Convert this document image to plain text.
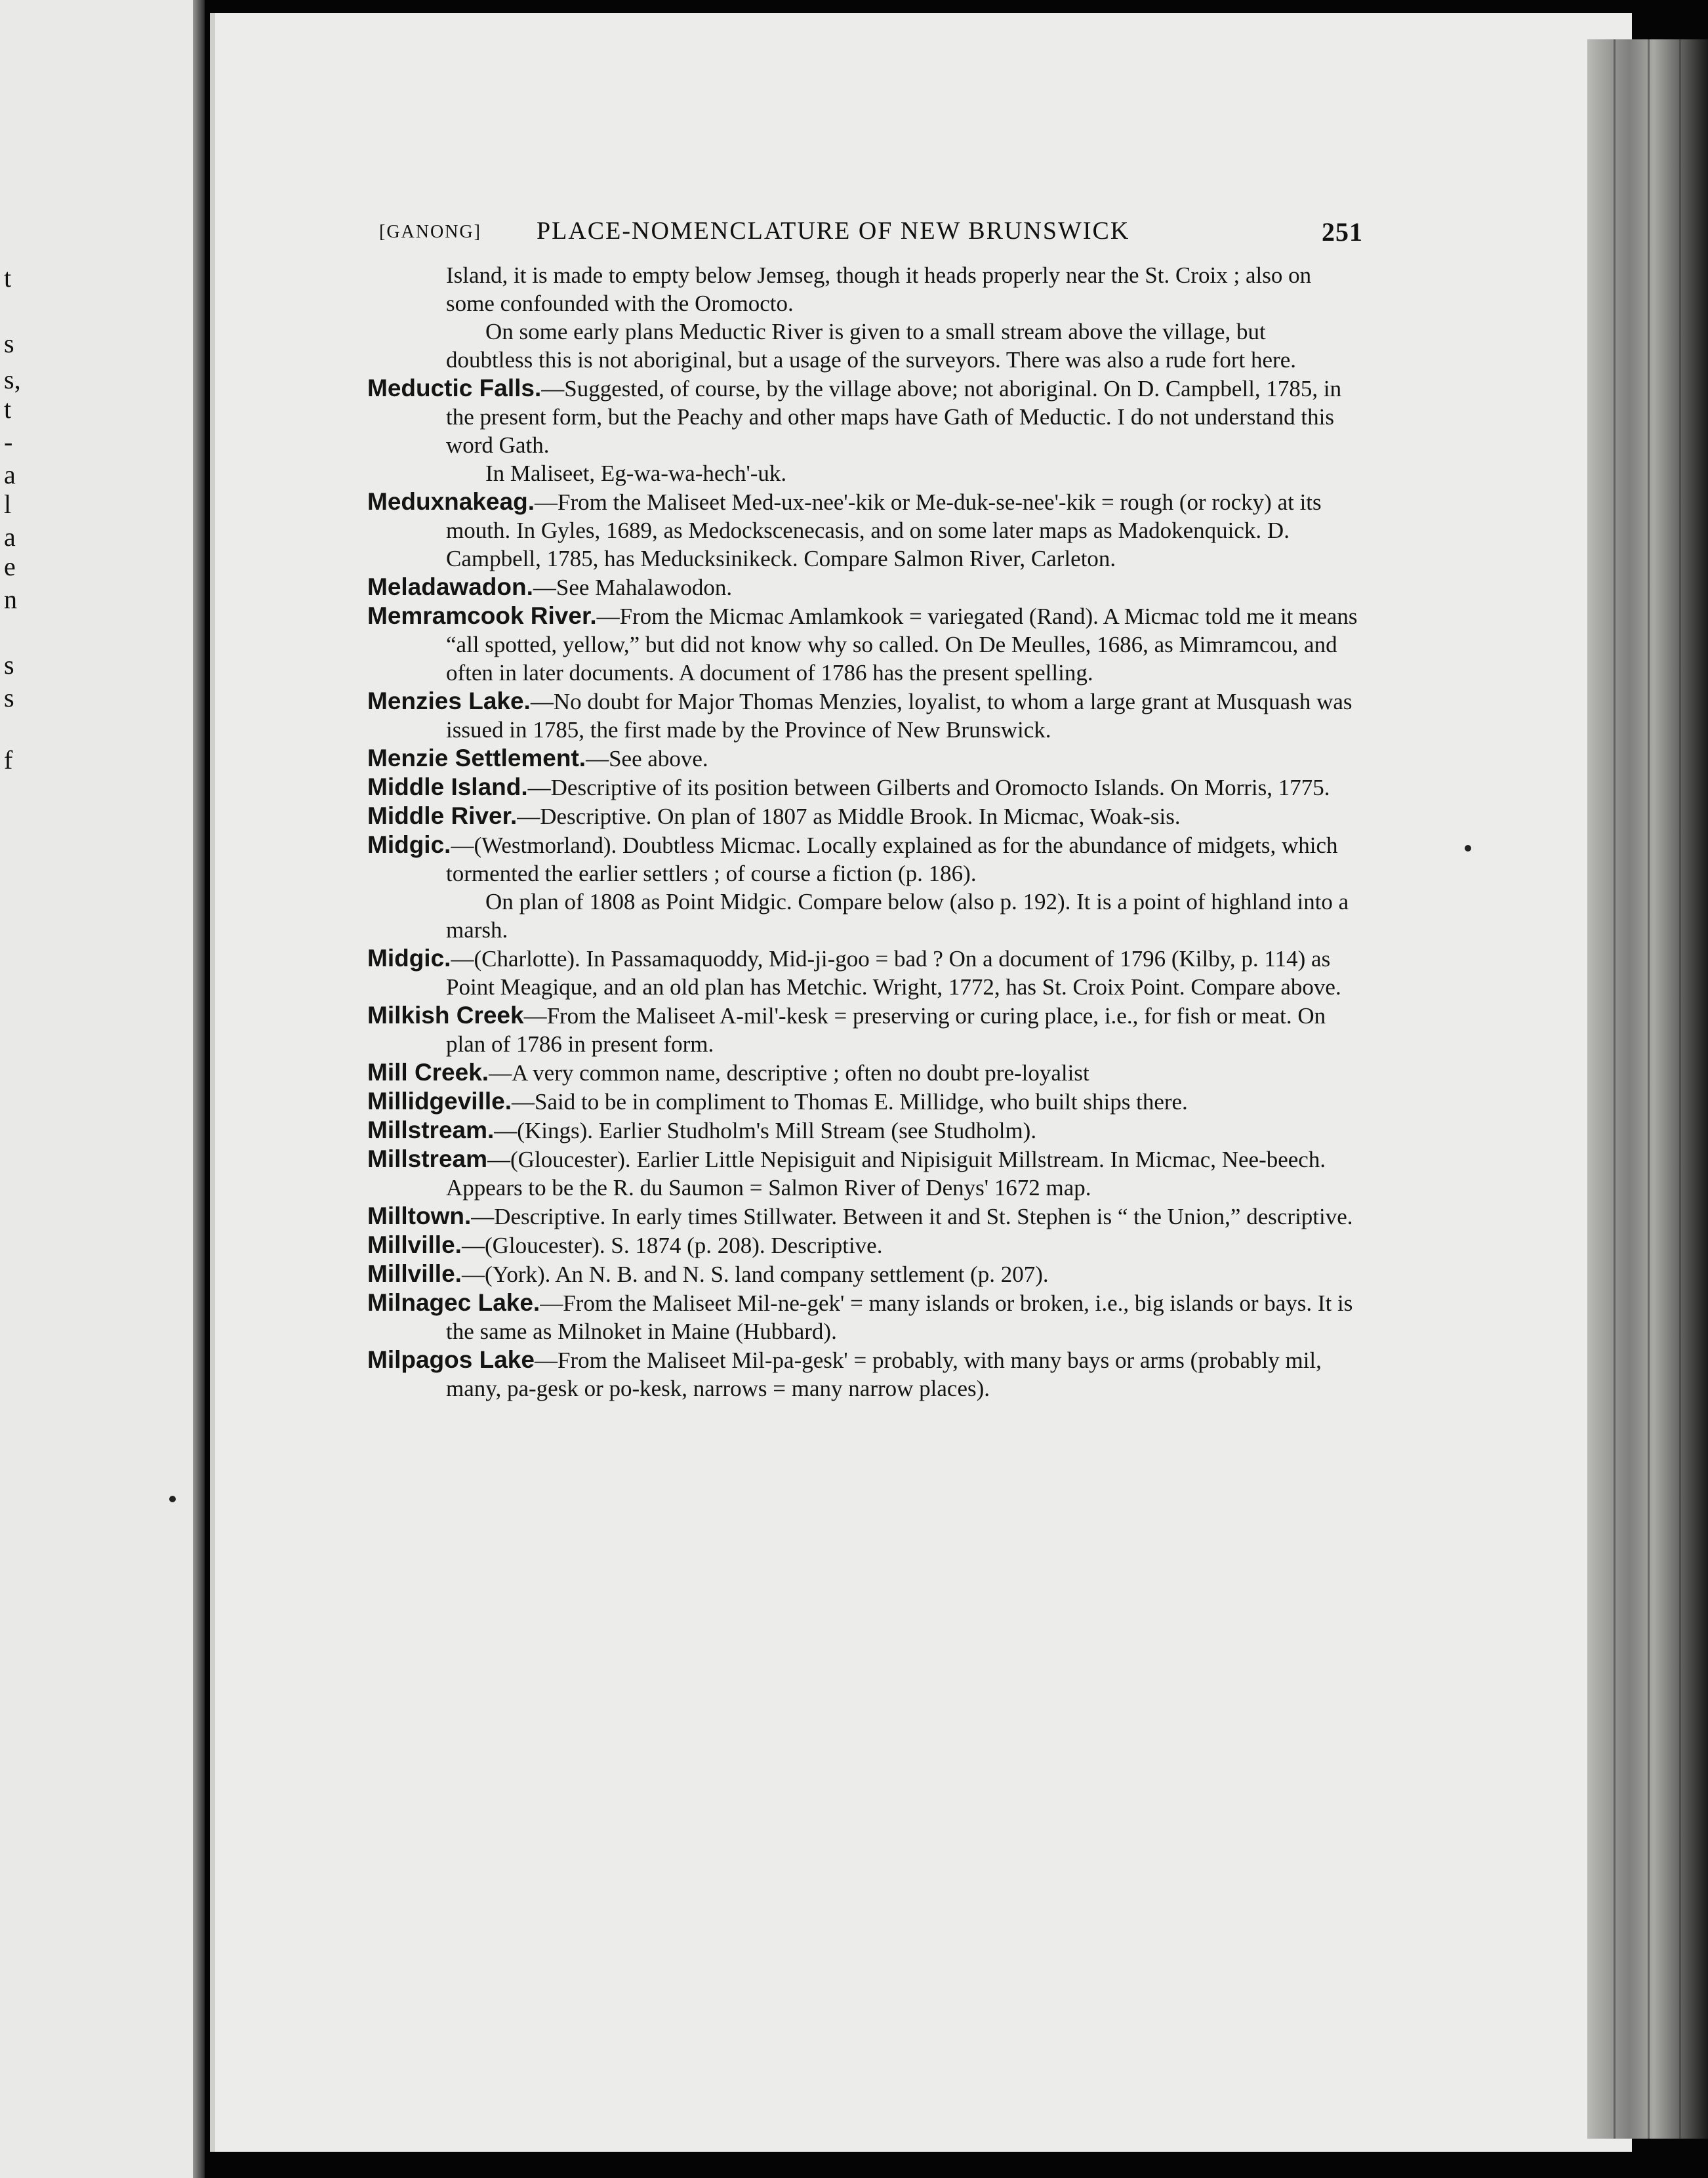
t
s
s,
t
-
a
l
a
e
n
s
s
f
[GANONG] PLACE-NOMENCLATURE OF NEW BRUNSWICK	251

Island, it is made to empty below Jemseg, though it heads properly near the St. Croix ; also on some confounded with the Oromocto.

On some early plans Meductic River is given to a small stream above the village, but doubtless this is not aboriginal, but a usage of the surveyors. There was also a rude fort here.

Meductic Falls.—Suggested, of course, by the village above; not aboriginal. On D. Campbell, 1785, in the present form, but the Peachy and other maps have Gath of Meductic. I do not understand this word Gath.

In Maliseet, Eg-wa-wa-hech'-uk.

Meduxnakeag.—From the Maliseet Med-ux-nee'-kik or Me-duk-se-nee'-kik = rough (or rocky) at its mouth. In Gyles, 1689, as Medockscenecasis, and on some later maps as Madokenquick. D. Campbell, 1785, has Meducksinikeck. Compare Salmon River, Carleton.

Meladawadon.—See Mahalawodon.

Memramcook River.—From the Micmac Amlamkook = variegated (Rand). A Micmac told me it means “all spotted, yellow,” but did not know why so called. On De Meulles, 1686, as Mimramcou, and often in later documents. A document of 1786 has the present spelling.

Menzies Lake.—No doubt for Major Thomas Menzies, loyalist, to whom a large grant at Musquash was issued in 1785, the first made by the Province of New Brunswick.

Menzie Settlement.—See above.

Middle Island.—Descriptive of its position between Gilberts and Oromocto Islands. On Morris, 1775.

Middle River.—Descriptive. On plan of 1807 as Middle Brook. In Micmac, Woak-sis.

Midgic.—(Westmorland). Doubtless Micmac. Locally explained as for the abundance of midgets, which tormented the earlier settlers ; of course a fiction (p. 186).

On plan of 1808 as Point Midgic. Compare below (also p. 192). It is a point of highland into a marsh.

Midgic.—(Charlotte). In Passamaquoddy, Mid-ji-goo = bad ? On a document of 1796 (Kilby, p. 114) as Point Meagique, and an old plan has Metchic. Wright, 1772, has St. Croix Point. Compare above.

Milkish Creek—From the Maliseet A-mil'-kesk = preserving or curing place, i.e., for fish or meat. On plan of 1786 in present form.

Mill Creek.—A very common name, descriptive ; often no doubt pre-loyalist

Millidgeville.—Said to be in compliment to Thomas E. Millidge, who built ships there.

Millstream.—(Kings). Earlier Studholm's Mill Stream (see Studholm).

Millstream—(Gloucester). Earlier Little Nepisiguit and Nipisiguit Millstream. In Micmac, Nee-beech. Appears to be the R. du Saumon = Salmon River of Denys' 1672 map.

Milltown.—Descriptive. In early times Stillwater. Between it and St. Stephen is “ the Union,” descriptive.

Millville.—(Gloucester). S. 1874 (p. 208). Descriptive.

Millville.—(York). An N. B. and N. S. land company settlement (p. 207).

Milnagec Lake.—From the Maliseet Mil-ne-gek' = many islands or broken, i.e., big islands or bays. It is the same as Milnoket in Maine (Hubbard).

Milpagos Lake—From the Maliseet Mil-pa-gesk' = probably, with many bays or arms (probably mil, many, pa-gesk or po-kesk, narrows = many narrow places).
